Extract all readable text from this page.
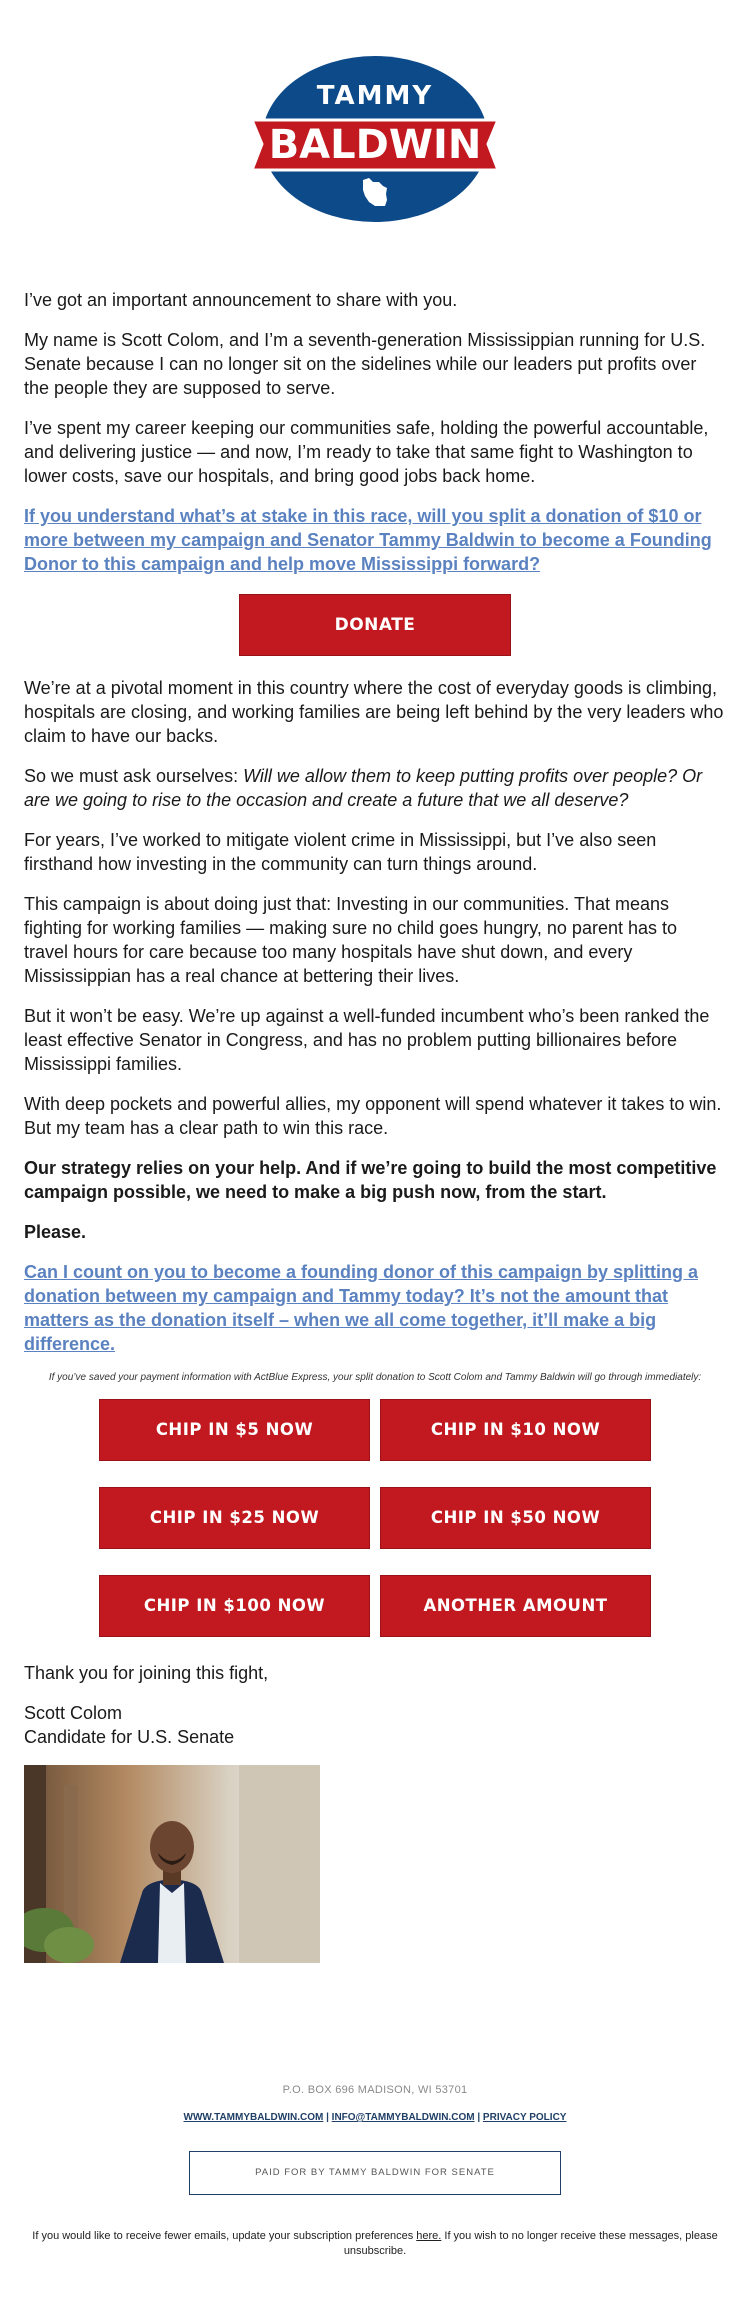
TAMMY
BALDWIN

I’ve got an important announcement to share with you.

My name is Scott Colom, and I’m a seventh-generation Mississippian running for U.S. Senate because I can no longer sit on the sidelines while our leaders put profits over the people they are supposed to serve.

I’ve spent my career keeping our communities safe, holding the powerful accountable, and delivering justice — and now, I’m ready to take that same fight to Washington to lower costs, save our hospitals, and bring good jobs back home.

If you understand what’s at stake in this race, will you split a donation of $10 or more between my campaign and Senator Tammy Baldwin to become a Founding Donor to this campaign and help move Mississippi forward?

DONATE

We’re at a pivotal moment in this country where the cost of everyday goods is climbing, hospitals are closing, and working families are being left behind by the very leaders who claim to have our backs.

So we must ask ourselves: Will we allow them to keep putting profits over people? Or are we going to rise to the occasion and create a future that we all deserve?

For years, I’ve worked to mitigate violent crime in Mississippi, but I’ve also seen firsthand how investing in the community can turn things around.

This campaign is about doing just that: Investing in our communities. That means fighting for working families — making sure no child goes hungry, no parent has to travel hours for care because too many hospitals have shut down, and every Mississippian has a real chance at bettering their lives.

But it won’t be easy. We’re up against a well-funded incumbent who’s been ranked the least effective Senator in Congress, and has no problem putting billionaires before Mississippi families.

With deep pockets and powerful allies, my opponent will spend whatever it takes to win. But my team has a clear path to win this race.

Our strategy relies on your help. And if we’re going to build the most competitive campaign possible, we need to make a big push now, from the start.

Please.

Can I count on you to become a founding donor of this campaign by splitting a donation between my campaign and Tammy today? It’s not the amount that matters as the donation itself – when we all come together, it’ll make a big difference.

If you’ve saved your payment information with ActBlue Express, your split donation to Scott Colom and Tammy Baldwin will go through immediately:
CHIP IN $5 NOW	CHIP IN $10 NOW
CHIP IN $25 NOW	CHIP IN $50 NOW
CHIP IN $100 NOW	ANOTHER AMOUNT

Thank you for joining this fight,

Scott Colom

Candidate for U.S. Senate

P.O. BOX 696 MADISON, WI 53701
WWW.TAMMYBALDWIN.COM | INFO@TAMMYBALDWIN.COM | PRIVACY POLICY
PAID FOR BY TAMMY BALDWIN FOR SENATE
If you would like to receive fewer emails, update your subscription preferences here. If you wish to no longer receive these messages, please unsubscribe.
